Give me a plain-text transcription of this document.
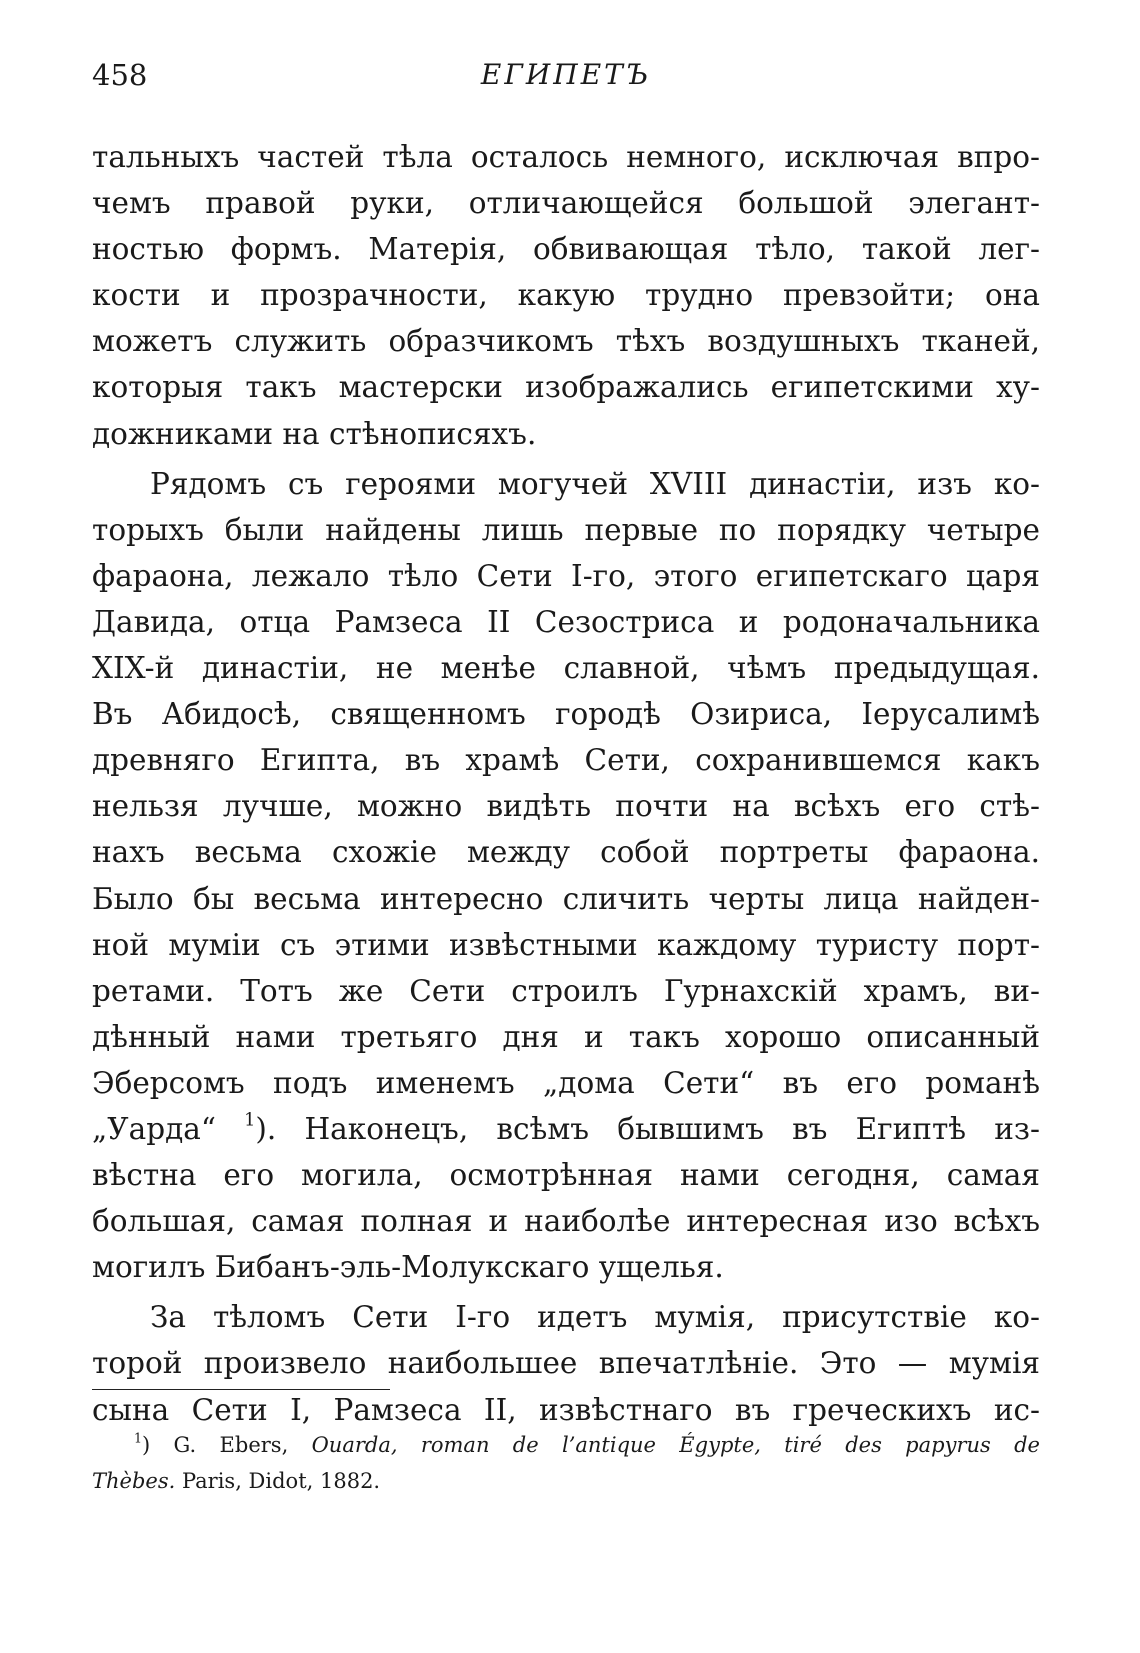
458	ЕГИПЕТЪ
тальныхъ частей тѣла осталось немного, исключая впро-
чемъ правой руки, отличающейся большой элегант-
ностью формъ. Матерія, обвивающая тѣло, такой лег-
кости и прозрачности, какую трудно превзойти; она
можетъ служить образчикомъ тѣхъ воздушныхъ тканей,
которыя такъ мастерски изображались египетскими ху-
дожниками на стѣнописяхъ.
Рядомъ съ героями могучей XVIII династіи, изъ ко-
торыхъ были найдены лишь первые по порядку четыре
фараона, лежало тѣло Сети I-го, этого египетскаго царя
Давида, отца Рамзеса II Сезостриса и родоначальника
XIX-й династіи, не менѣе славной, чѣмъ предыдущая.
Въ Абидосѣ, священномъ городѣ Озириса, Іерусалимѣ
древняго Египта, въ храмѣ Сети, сохранившемся какъ
нельзя лучше, можно видѣть почти на всѣхъ его стѣ-
нахъ весьма схожіе между собой портреты фараона.
Было бы весьма интересно сличить черты лица найден-
ной муміи съ этими извѣстными каждому туристу порт-
ретами. Тотъ же Сети строилъ Гурнахскій храмъ, ви-
дѣнный нами третьяго дня и такъ хорошо описанный
Эберсомъ подъ именемъ „дома Сети“ въ его романѣ
„Уарда“ $^1$). Наконецъ, всѣмъ бывшимъ въ Египтѣ из-
вѣстна его могила, осмотрѣнная нами сегодня, самая
большая, самая полная и наиболѣе интересная изо всѣхъ
могилъ Бибанъ-эль-Молукскаго ущелья.
За тѣломъ Сети I-го идетъ мумія, присутствіе ко-
торой произвело наибольшее впечатлѣніе. Это — мумія
сына Сети I, Рамзеса II, извѣстнаго въ греческихъ ис-
$^1$) G. Ebers, Ouarda, roman de l’antique Égypte, tiré des papyrus de
Thèbes. Paris, Didot, 1882.
